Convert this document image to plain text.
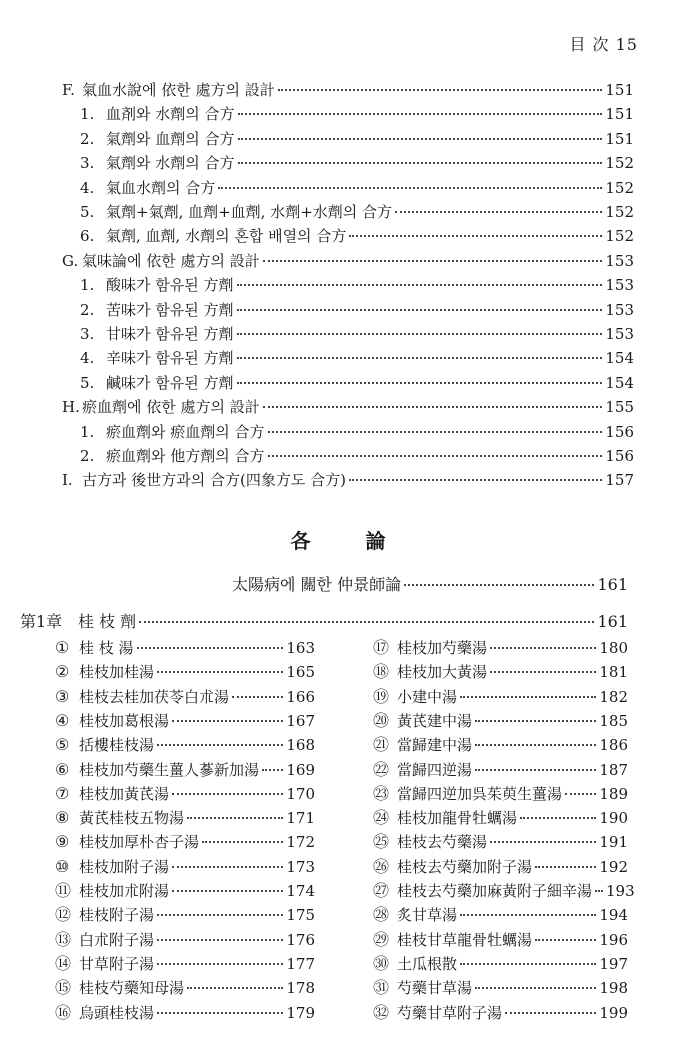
目 次 15
F. 氣血水說에 依한 處方의 設計	151
1. 血剤와 水劑의 合方	151
2. 氣劑와 血劑의 合方	151
3. 氣劑와 水劑의 合方	152
4. 氣血水劑의 合方	152
5. 氣劑+氣劑, 血劑+血劑, 水劑+水劑의 合方	152
6. 氣劑, 血劑, 水劑의 혼합 배열의 合方	152
G. 氣味論에 依한 處方의 設計	153
1. 酸味가 함유된 方劑	153
2. 苦味가 함유된 方劑	153
3. 甘味가 함유된 方劑	153
4. 辛味가 함유된 方劑	154
5. 鹹味가 함유된 方劑	154
H. 瘀血劑에 依한 處方의 設計	155
1. 瘀血劑와 瘀血劑의 合方	156
2. 瘀血劑와 他方劑의 合方	156
I. 古方과 後世方과의 合方(四象方도 合方)	157
各 論
太陽病에 關한 仲景師論	161
第1章 桂 枝 劑	161
① 桂 枝 湯	163
② 桂枝加桂湯	165
③ 桂枝去桂加茯苓白朮湯	166
④ 桂枝加葛根湯	167
⑤ 括樓桂枝湯	168
⑥ 桂枝加芍藥生薑人蔘新加湯 169
⑦ 桂枝加黃芪湯	170
⑧ 黃芪桂枝五物湯	171
⑨ 桂枝加厚朴杏子湯	172
⑩ 桂枝加附子湯	173
⑪ 桂枝加朮附湯	174
⑫ 桂枝附子湯	175
⑬ 白朮附子湯	176
⑭ 甘草附子湯	177
⑮ 桂枝芍藥知母湯	178
⑯ 烏頭桂枝湯	179
⑰ 桂枝加芍藥湯	180
⑱ 桂枝加大黃湯	181
⑲ 小建中湯	182
⑳ 黃芪建中湯	185
㉑ 當歸建中湯	186
㉒ 當歸四逆湯	187
㉓ 當歸四逆加呉茱萸生薑湯 189
㉔ 桂枝加龍骨牡蠣湯	190
㉕ 桂枝去芍藥湯	191
㉖ 桂枝去芍藥加附子湯	192
㉗ 桂枝去芍藥加麻黃附子細辛湯 193
㉘ 炙甘草湯	194
㉙ 桂枝甘草龍骨牡蠣湯	196
㉚ 土瓜根散	197
㉛ 芍藥甘草湯	198
㉜ 芍藥甘草附子湯	199
